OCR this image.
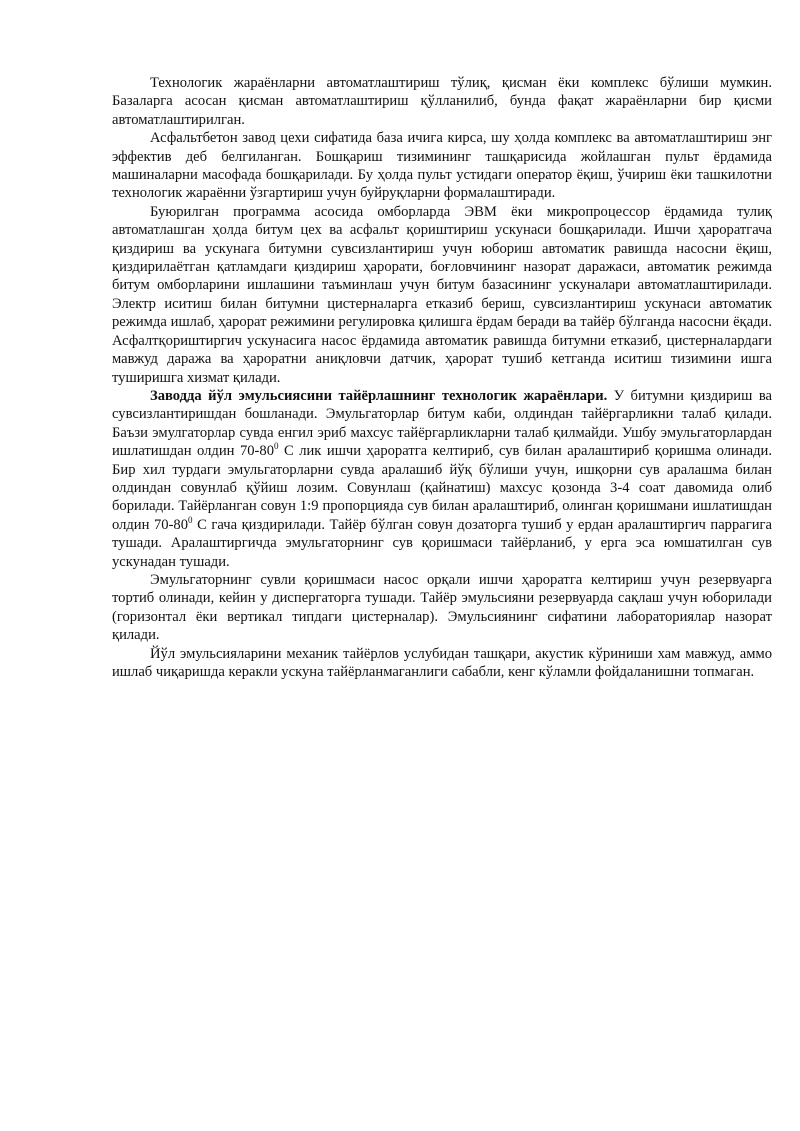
Технологик жараёнларни автоматлаштириш тўлиқ, қисман ёки комплекс бўлиши мумкин. Базаларга асосан қисман автоматлаштириш қўлланилиб, бунда фақат жараёнларни бир қисми автоматлаштирилган.

Асфальтбетон завод цехи сифатида база ичига кирса, шу ҳолда комплекс ва автоматлаштириш энг эффектив деб белгиланган. Бошқариш тизимининг ташқарисида жойлашган пульт ёрдамида машиналарни масофада бошқарилади. Бу ҳолда пульт устидаги оператор ёқиш, ўчириш ёки ташкилотни технологик жараённи ўзгартириш учун буйруқларни формалаштиради.

Буюрилган программа асосида омборларда ЭВМ ёки микропроцессор ёрдамида тулиқ автоматлашган ҳолда битум цех ва асфальт қориштириш ускунаси бошқарилади. Ишчи ҳароратгача қиздириш ва ускунага битумни сувсизлантириш учун юбориш автоматик равишда насосни ёқиш, қиздирилаётган қатламдаги қиздириш ҳарорати, боғловчининг назорат даражаси, автоматик режимда битум омборларини ишлашини таъминлаш учун битум базасининг ускуналари автоматлаштирилади. Электр иситиш билан битумни цистерналарга етказиб бериш, сувсизлантириш ускунаси автоматик режимда ишлаб, ҳарорат режимини регулировка қилишга ёрдам беради ва тайёр бўлганда насосни ёқади. Асфалтқориштиргич ускунасига насос ёрдамида автоматик равишда битумни етказиб, цистерналардаги мавжуд даража ва ҳароратни аниқловчи датчик, ҳарорат тушиб кетганда иситиш тизимини ишга туширишга хизмат қилади.

Заводда йўл эмульсиясини тайёрлашнинг технологик жараёнлари. У битумни қиздириш ва сувсизлантиришдан бошланади. Эмульгаторлар битум каби, олдиндан тайёргарликни талаб қилади. Баъзи эмулгаторлар сувда енгил эриб махсус тайёргарликларни талаб қилмайди. Ушбу эмульгаторлардан ишлатишдан олдин $70-80^0$ С лик ишчи ҳароратга келтириб, сув билан аралаштириб қоришма олинади. Бир хил турдаги эмульгаторларни сувда аралашиб йўқ бўлиши учун, ишқорни сув аралашма билан олдиндан совунлаб қўйиш лозим. Совунлаш (қайнатиш) махсус қозонда 3-4 соат давомида олиб борилади. Тайёрланган совун 1:9 пропорцияда сув билан аралаштириб, олинган қоришмани ишлатишдан олдин $70-80^0$ С гача қиздирилади. Тайёр бўлган совун дозаторга тушиб у ердан аралаштиргич паррагига тушади. Аралаштиргичда эмульгаторнинг сув қоришмаси тайёрланиб, у ерга эса юмшатилган сув ускунадан тушади.

Эмульгаторнинг сувли қоришмаси насос орқали ишчи ҳароратга келтириш учун резервуарга тортиб олинади, кейин у диспергаторга тушади. Тайёр эмульсияни резервуарда сақлаш учун юборилади (горизонтал ёки вертикал типдаги цистерналар). Эмульсиянинг сифатини лабораториялар назорат қилади.

Йўл эмульсияларини механик тайёрлов услубидан ташқари, акустик кўриниши хам мавжуд, аммо ишлаб чиқаришда керакли ускуна тайёрланмаганлиги сабабли, кенг кўламли фойдаланишни топмаган.
